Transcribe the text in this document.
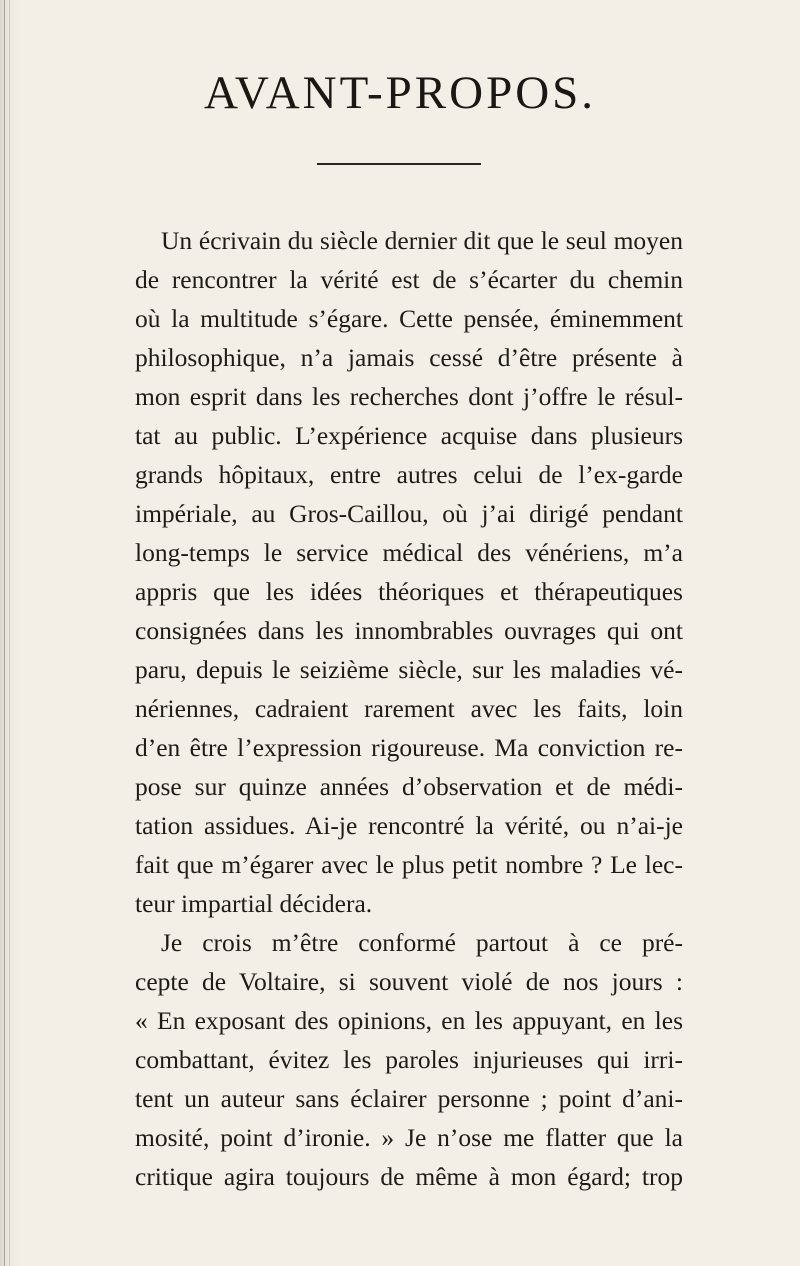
AVANT-PROPOS.
Un écrivain du siècle dernier dit que le seul moyen
de rencontrer la vérité est de s’écarter du chemin
où la multitude s’égare. Cette pensée, éminemment
philosophique, n’a jamais cessé d’être présente à
mon esprit dans les recherches dont j’offre le résul-
tat au public. L’expérience acquise dans plusieurs
grands hôpitaux, entre autres celui de l’ex-garde
impériale, au Gros-Caillou, où j’ai dirigé pendant
long-temps le service médical des vénériens, m’a
appris que les idées théoriques et thérapeutiques
consignées dans les innombrables ouvrages qui ont
paru, depuis le seizième siècle, sur les maladies vé-
nériennes, cadraient rarement avec les faits, loin
d’en être l’expression rigoureuse. Ma conviction re-
pose sur quinze années d’observation et de médi-
tation assidues. Ai-je rencontré la vérité, ou n’ai-je
fait que m’égarer avec le plus petit nombre ? Le lec-
teur impartial décidera.
Je crois m’être conformé partout à ce pré-
cepte de Voltaire, si souvent violé de nos jours :
« En exposant des opinions, en les appuyant, en les
combattant, évitez les paroles injurieuses qui irri-
tent un auteur sans éclairer personne ; point d’ani-
mosité, point d’ironie. » Je n’ose me flatter que la
critique agira toujours de même à mon égard; trop
